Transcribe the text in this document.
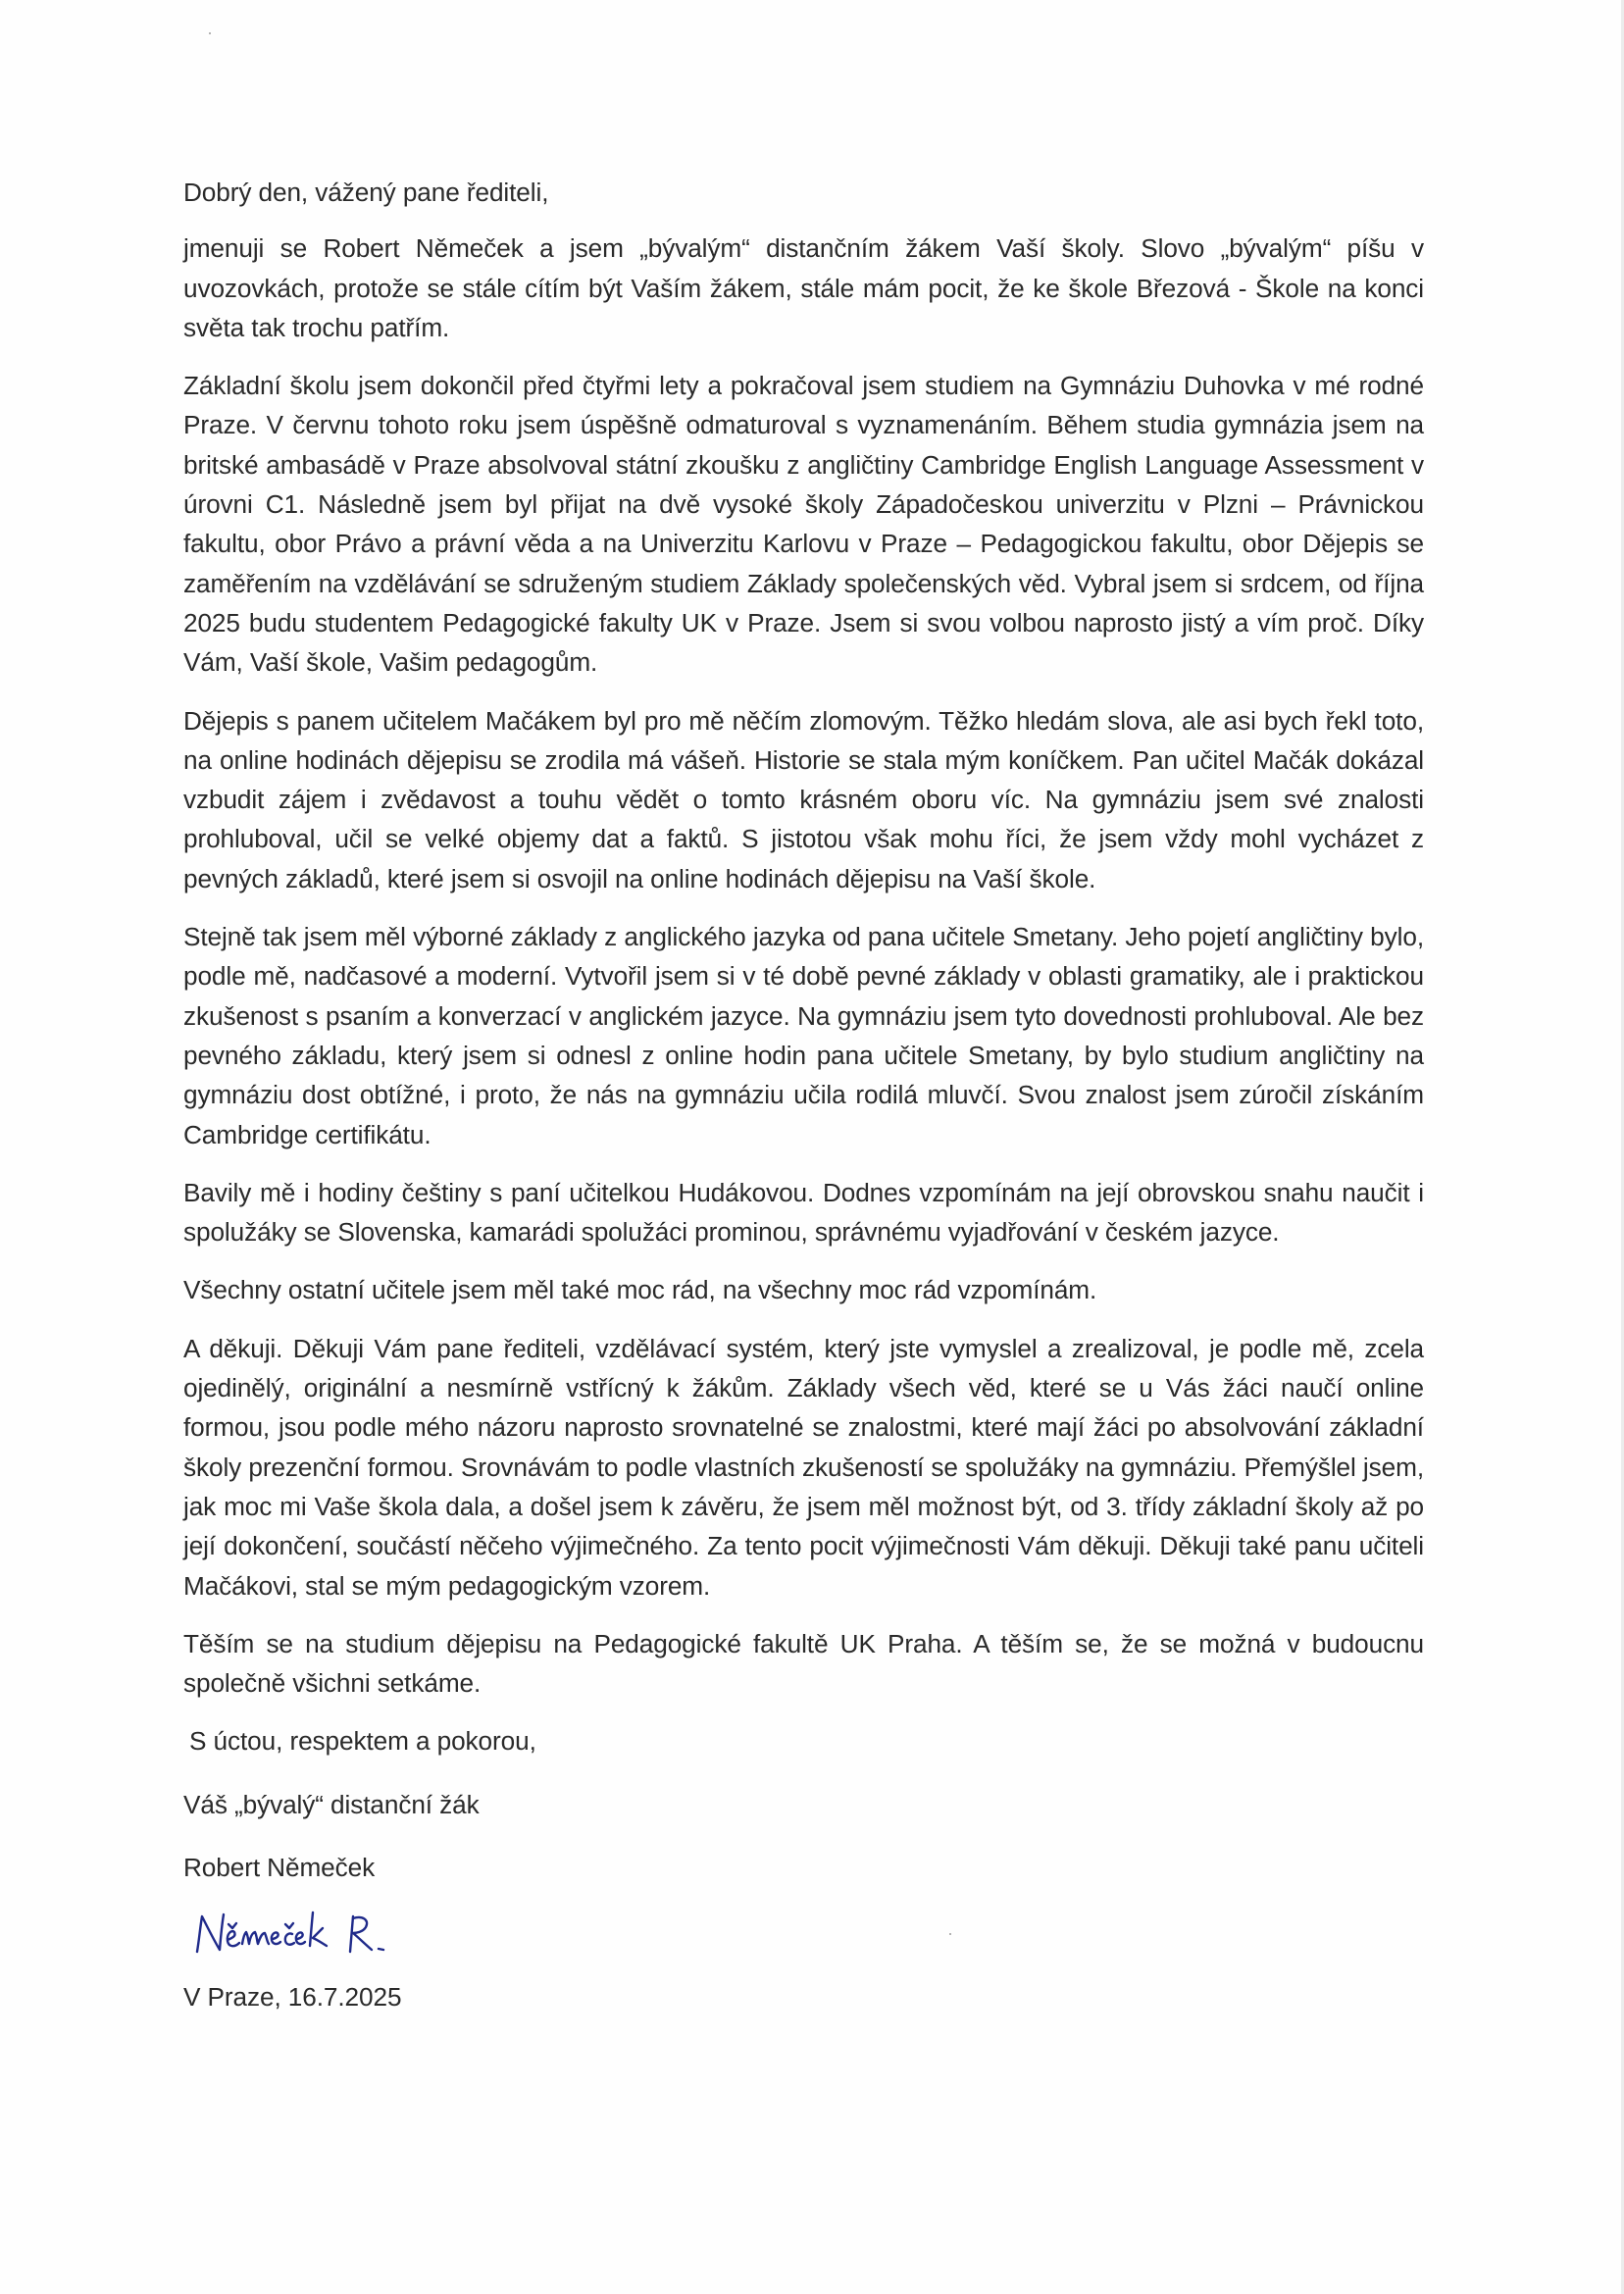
Dobrý den, vážený pane řediteli,

jmenuji se Robert Němeček a jsem „bývalým“ distančním žákem Vaší školy. Slovo „bývalým“ píšu v uvozovkách, protože se stále cítím být Vaším žákem, stále mám pocit, že ke škole Březová - Škole na konci světa tak trochu patřím.

Základní školu jsem dokončil před čtyřmi lety a pokračoval jsem studiem na Gymnáziu Duhovka v mé rodné Praze. V červnu tohoto roku jsem úspěšně odmaturoval s vyznamenáním. Během studia gymnázia jsem na britské ambasádě v Praze absolvoval státní zkoušku z angličtiny Cambridge English Language Assessment v úrovni C1. Následně jsem byl přijat na dvě vysoké školy Západočeskou univerzitu v Plzni – Právnickou fakultu, obor Právo a právní věda a na Univerzitu Karlovu v Praze – Pedagogickou fakultu, obor Dějepis se zaměřením na vzdělávání se sdruženým studiem Základy společenských věd. Vybral jsem si srdcem, od října 2025 budu studentem Pedagogické fakulty UK v Praze. Jsem si svou volbou naprosto jistý a vím proč. Díky Vám, Vaší škole, Vašim pedagogům.

Dějepis s panem učitelem Mačákem byl pro mě něčím zlomovým. Těžko hledám slova, ale asi bych řekl toto, na online hodinách dějepisu se zrodila má vášeň. Historie se stala mým koníčkem. Pan učitel Mačák dokázal vzbudit zájem i zvědavost a touhu vědět o tomto krásném oboru víc. Na gymnáziu jsem své znalosti prohluboval, učil se velké objemy dat a faktů. S jistotou však mohu říci, že jsem vždy mohl vycházet z pevných základů, které jsem si osvojil na online hodinách dějepisu na Vaší škole.

Stejně tak jsem měl výborné základy z anglického jazyka od pana učitele Smetany. Jeho pojetí angličtiny bylo, podle mě, nadčasové a moderní. Vytvořil jsem si v té době pevné základy v oblasti gramatiky, ale i praktickou zkušenost s psaním a konverzací v anglickém jazyce. Na gymnáziu jsem tyto dovednosti prohluboval. Ale bez pevného základu, který jsem si odnesl z online hodin pana učitele Smetany, by bylo studium angličtiny na gymnáziu dost obtížné, i proto, že nás na gymnáziu učila rodilá mluvčí. Svou znalost jsem zúročil získáním Cambridge certifikátu.

Bavily mě i hodiny češtiny s paní učitelkou Hudákovou. Dodnes vzpomínám na její obrovskou snahu naučit i spolužáky se Slovenska, kamarádi spolužáci prominou, správnému vyjadřování v českém jazyce.

Všechny ostatní učitele jsem měl také moc rád, na všechny moc rád vzpomínám.

A děkuji. Děkuji Vám pane řediteli, vzdělávací systém, který jste vymyslel a zrealizoval, je podle mě, zcela ojedinělý, originální a nesmírně vstřícný k žákům. Základy všech věd, které se u Vás žáci naučí online formou, jsou podle mého názoru naprosto srovnatelné se znalostmi, které mají žáci po absolvování základní školy prezenční formou. Srovnávám to podle vlastních zkušeností se spolužáky na gymnáziu. Přemýšlel jsem, jak moc mi Vaše škola dala, a došel jsem k závěru, že jsem měl možnost být, od 3. třídy základní školy až po její dokončení, součástí něčeho výjimečného. Za tento pocit výjimečnosti Vám děkuji. Děkuji také panu učiteli Mačákovi, stal se mým pedagogickým vzorem.

Těším se na studium dějepisu na Pedagogické fakultě UK Praha. A těším se, že se možná v budoucnu společně všichni setkáme.

S úctou, respektem a pokorou,

Váš „bývalý“ distanční žák

Robert Němeček

V Praze, 16.7.2025
